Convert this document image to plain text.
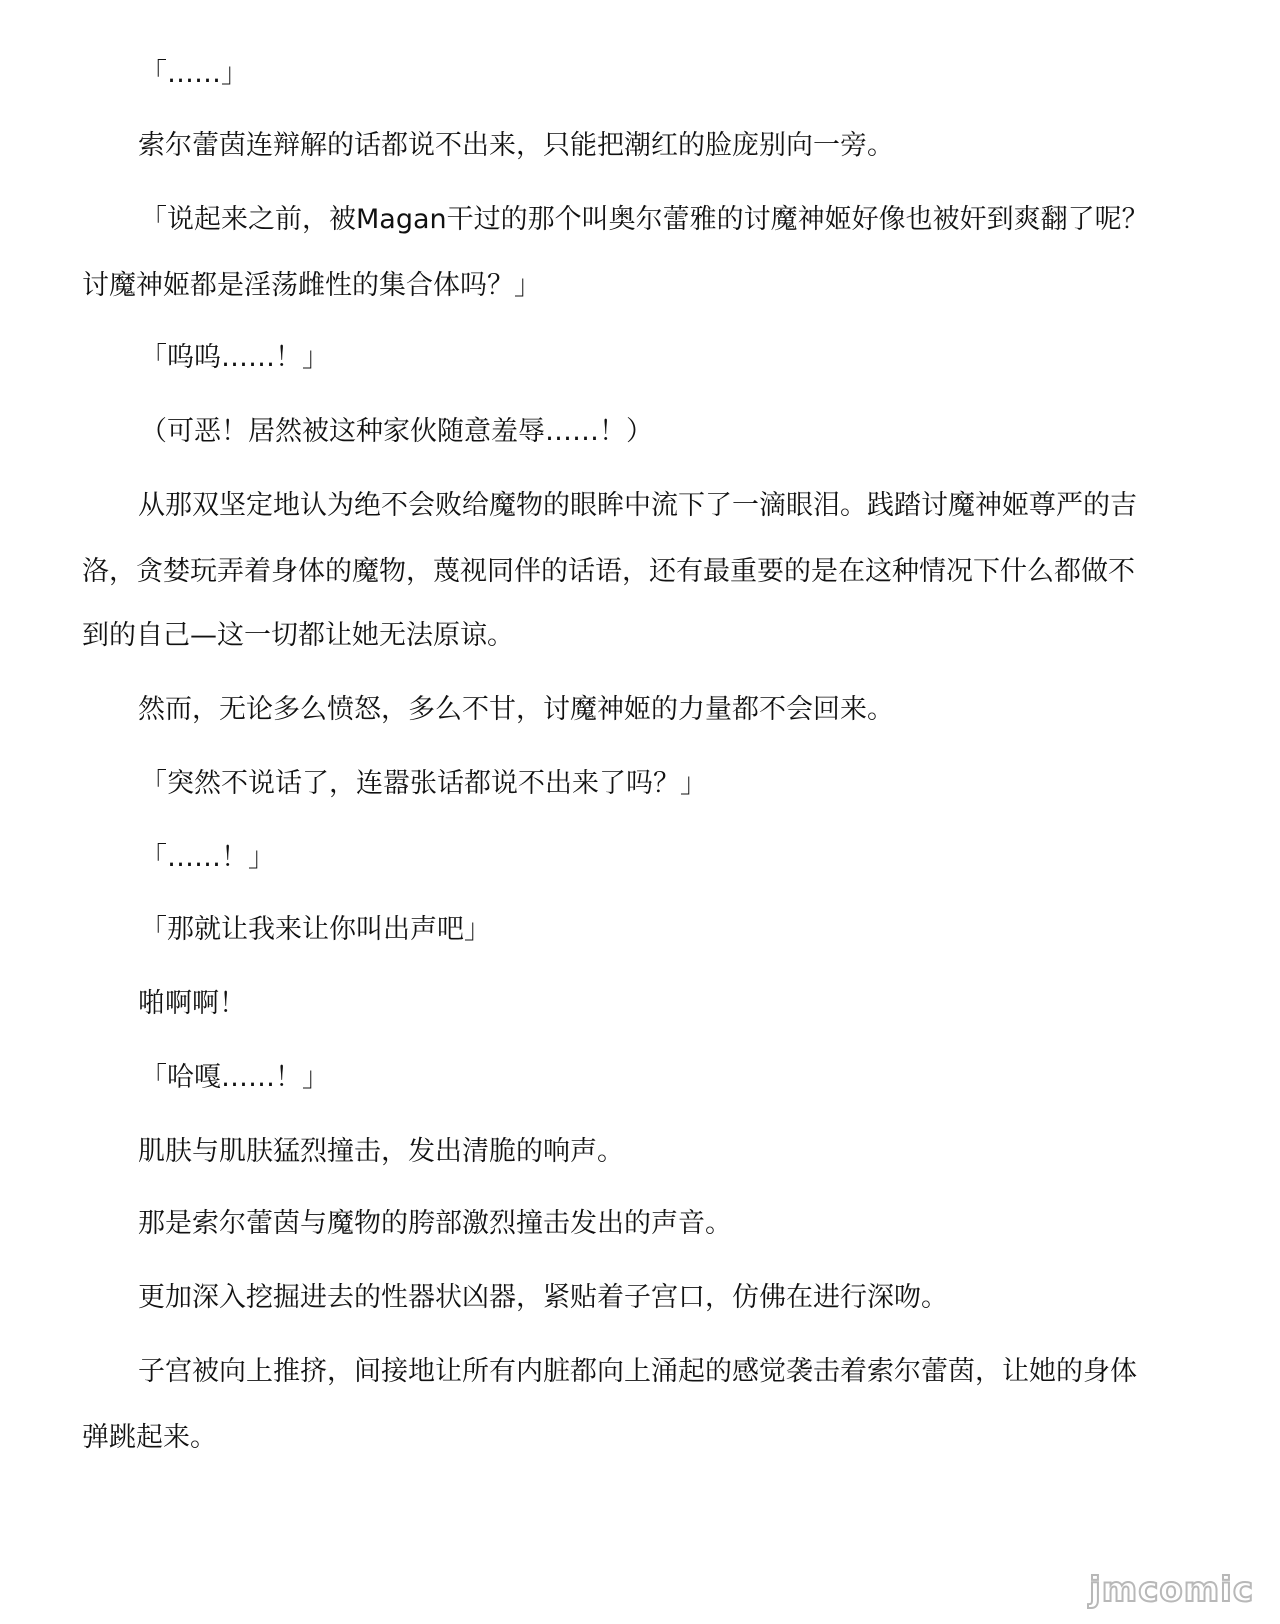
「……」
索尔蕾茵连辩解的话都说不出来，只能把潮红的脸庞别向一旁。
「说起来之前，被Magan干过的那个叫奥尔蕾雅的讨魔神姬好像也被奸到爽翻了呢？
讨魔神姬都是淫荡雌性的集合体吗？」
「呜呜……！」
（可恶！居然被这种家伙随意羞辱……！）
从那双坚定地认为绝不会败给魔物的眼眸中流下了一滴眼泪。践踏讨魔神姬尊严的吉
洛，贪婪玩弄着身体的魔物，蔑视同伴的话语，还有最重要的是在这种情况下什么都做不
到的自己—这一切都让她无法原谅。
然而，无论多么愤怒，多么不甘，讨魔神姬的力量都不会回来。
「突然不说话了，连嚣张话都说不出来了吗？」
「……！」
「那就让我来让你叫出声吧」
啪啊啊！
「哈嘎……！」
肌肤与肌肤猛烈撞击，发出清脆的响声。
那是索尔蕾茵与魔物的胯部激烈撞击发出的声音。
更加深入挖掘进去的性器状凶器，紧贴着子宫口，仿佛在进行深吻。
子宫被向上推挤，间接地让所有内脏都向上涌起的感觉袭击着索尔蕾茵，让她的身体
弹跳起来。
jmcomic
